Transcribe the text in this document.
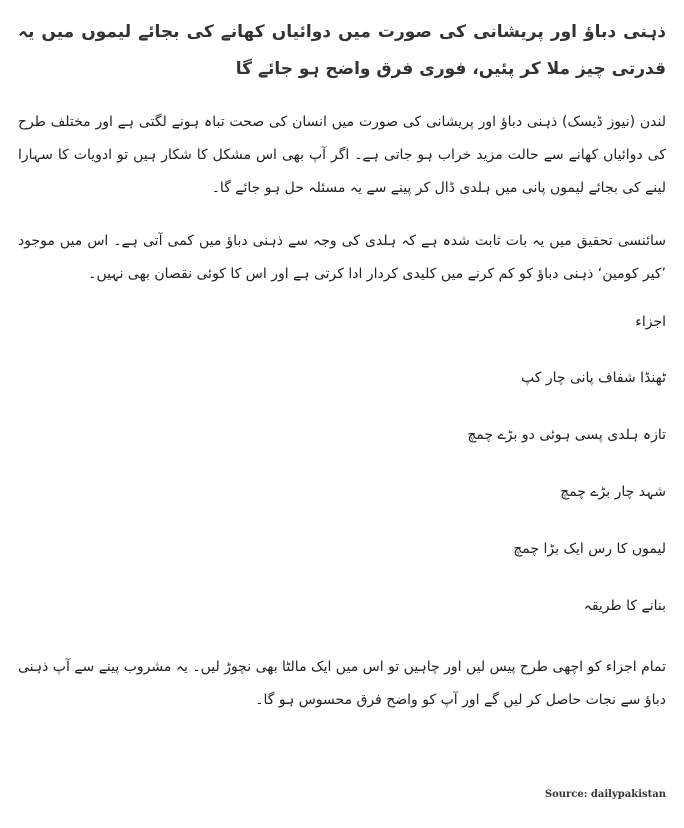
ذہنی دباؤ اور پریشانی کی صورت میں دوائیاں کھانے کی بجائے لیموں میں یہ قدرتی چیز ملا کر پئیں، فوری فرق واضح ہو جائے گا

لندن (نیوز ڈیسک) ذہنی دباؤ اور پریشانی کی صورت میں انسان کی صحت تباہ ہونے لگتی ہے اور مختلف طرح کی دوائیاں کھانے سے حالت مزید خراب ہو جاتی ہے۔ اگر آپ بھی اس مشکل کا شکار ہیں تو ادویات کا سہارا لینے کی بجائے لیموں پانی میں ہلدی ڈال کر پینے سے یہ مسئلہ حل ہو جائے گا۔

سائنسی تحقیق میں یہ بات ثابت شدہ ہے کہ ہلدی کی وجہ سے ذہنی دباؤ میں کمی آتی ہے۔ اس میں موجود ’کیر کومین‘ ذہنی دباؤ کو کم کرنے میں کلیدی کردار ادا کرتی ہے اور اس کا کوئی نقصان بھی نہیں۔

اجزاء

ٹھنڈا شفاف پانی چار کپ
تازہ ہلدی پسی ہوئی دو بڑے چمچ
شہد چار بڑے چمچ
لیموں کا رس ایک بڑا چمچ

بنانے کا طریقہ

تمام اجزاء کو اچھی طرح پیس لیں اور چاہیں تو اس میں ایک مالٹا بھی نچوڑ لیں۔ یہ مشروب پینے سے آپ ذہنی دباؤ سے نجات حاصل کر لیں گے اور آپ کو واضح فرق محسوس ہو گا۔

Source: dailypakistan
